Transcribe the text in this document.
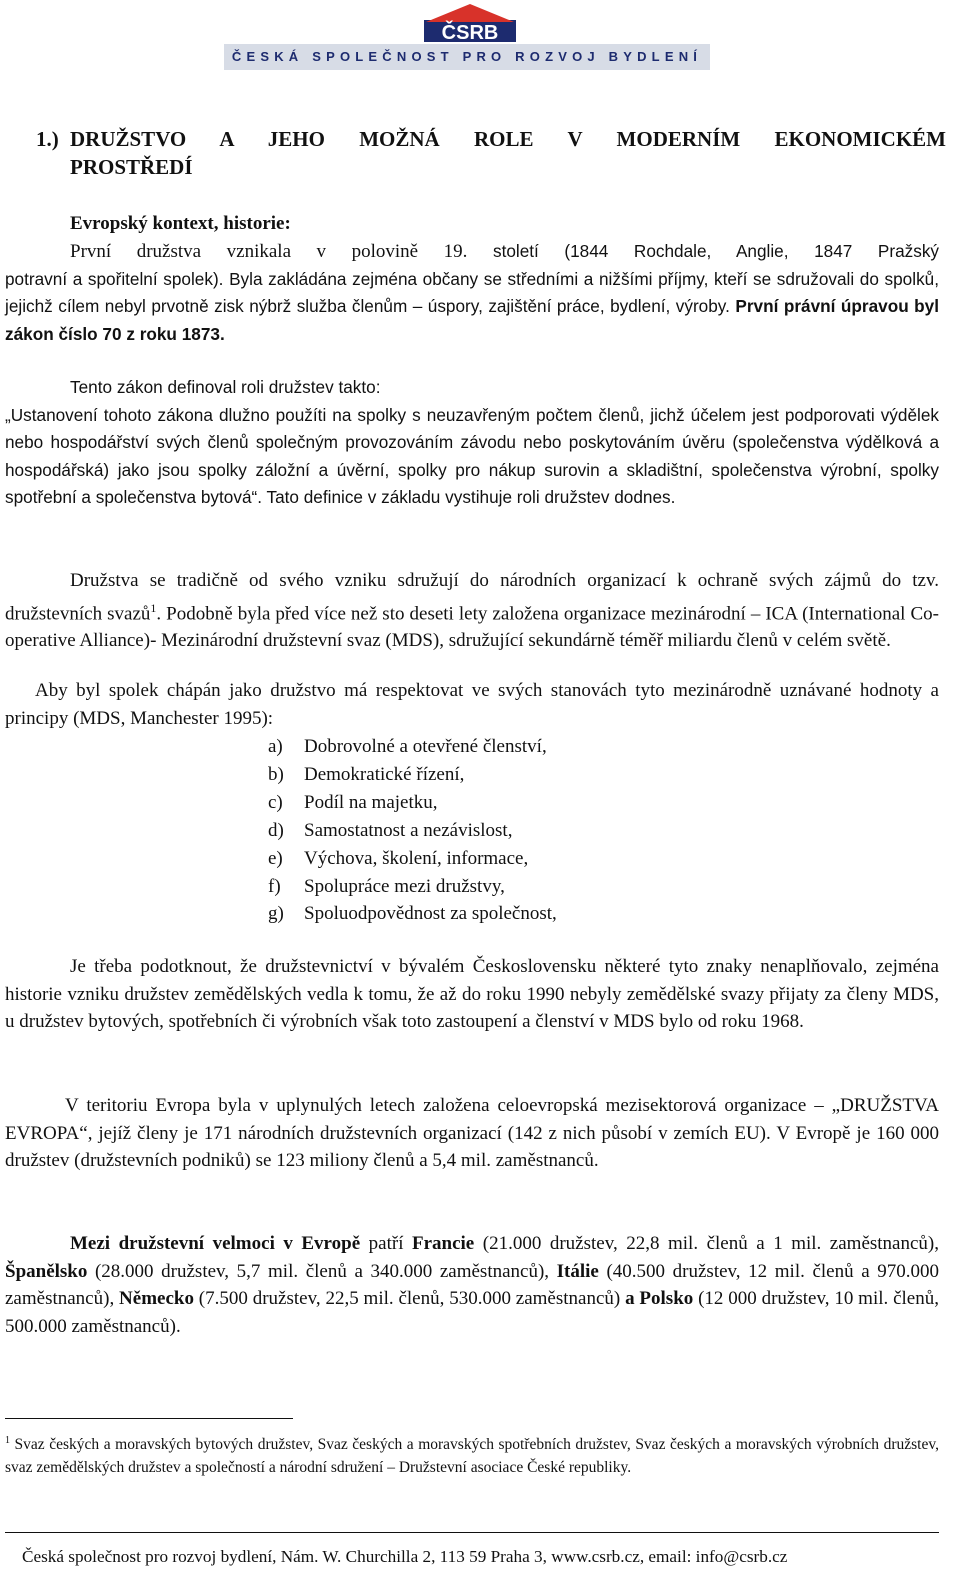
ČSRB
ČESKÁ SPOLEČNOST PRO ROZVOJ BYDLENÍ
1.) DRUŽSTVO A JEHO MOŽNÁ ROLE V MODERNÍM EKONOMICKÉM
PROSTŘEDÍ
Evropský kontext, historie:
První družstva vznikala v polovině 19. století (1844 Rochdale, Anglie, 1847 Pražský
potravní a spořitelní spolek). Byla zakládána zejména občany se středními a nižšími příjmy, kteří se sdružovali do spolků, jejichž cílem nebyl prvotně zisk nýbrž služba členům – úspory, zajištění práce, bydlení, výroby. První právní úpravou byl zákon číslo 70 z roku 1873.
Tento zákon definoval roli družstev takto:
„Ustanovení tohoto zákona dlužno použíti na spolky s neuzavřeným počtem členů, jichž účelem jest podporovati výdělek nebo hospodářství svých členů společným provozováním závodu nebo poskytováním úvěru (společenstva výdělková a hospodářská) jako jsou spolky záložní a úvěrní, spolky pro nákup surovin a skladištní, společenstva výrobní, spolky spotřební a společenstva bytová“. Tato definice v základu vystihuje roli družstev dodnes.
Družstva se tradičně od svého vzniku sdružují do národních organizací k ochraně svých zájmů do tzv. družstevních svazů$^1$. Podobně byla před více než sto deseti lety založena organizace mezinárodní – ICA (International Co-operative Alliance)- Mezinárodní družstevní svaz (MDS), sdružující sekundárně téměř miliardu členů v celém světě.
Aby byl spolek chápán jako družstvo má respektovat ve svých stanovách tyto mezinárodně uznávané hodnoty a principy (MDS, Manchester 1995):
a) Dobrovolné a otevřené členství,
b) Demokratické řízení,
c) Podíl na majetku,
d) Samostatnost a nezávislost,
e) Výchova, školení, informace,
f) Spolupráce mezi družstvy,
g) Spoluodpovědnost za společnost,
Je třeba podotknout, že družstevnictví v bývalém Československu některé tyto znaky nenaplňovalo, zejména historie vzniku družstev zemědělských vedla k tomu, že až do roku 1990 nebyly zemědělské svazy přijaty za členy MDS, u družstev bytových, spotřebních či výrobních však toto zastoupení a členství v MDS bylo od roku 1968.
V teritoriu Evropa byla v uplynulých letech založena celoevropská mezisektorová organizace – „DRUŽSTVA EVROPA“, jejíž členy je 171 národních družstevních organizací (142 z nich působí v zemích EU). V Evropě je 160 000 družstev (družstevních podniků) se 123 miliony členů a 5,4 mil. zaměstnanců.
Mezi družstevní velmoci v Evropě patří Francie (21.000 družstev, 22,8 mil. členů a 1 mil. zaměstnanců), Španělsko (28.000 družstev, 5,7 mil. členů a 340.000 zaměstnanců), Itálie (40.500 družstev, 12 mil. členů a 970.000 zaměstnanců), Německo (7.500 družstev, 22,5 mil. členů, 530.000 zaměstnanců) a Polsko (12 000 družstev, 10 mil. členů, 500.000 zaměstnanců).
$^1$ Svaz českých a moravských bytových družstev, Svaz českých a moravských spotřebních družstev, Svaz českých a moravských výrobních družstev, svaz zemědělských družstev a společností a národní sdružení – Družstevní asociace České republiky.
Česká společnost pro rozvoj bydlení, Nám. W. Churchilla 2, 113 59 Praha 3, www.csrb.cz, email: info@csrb.cz
